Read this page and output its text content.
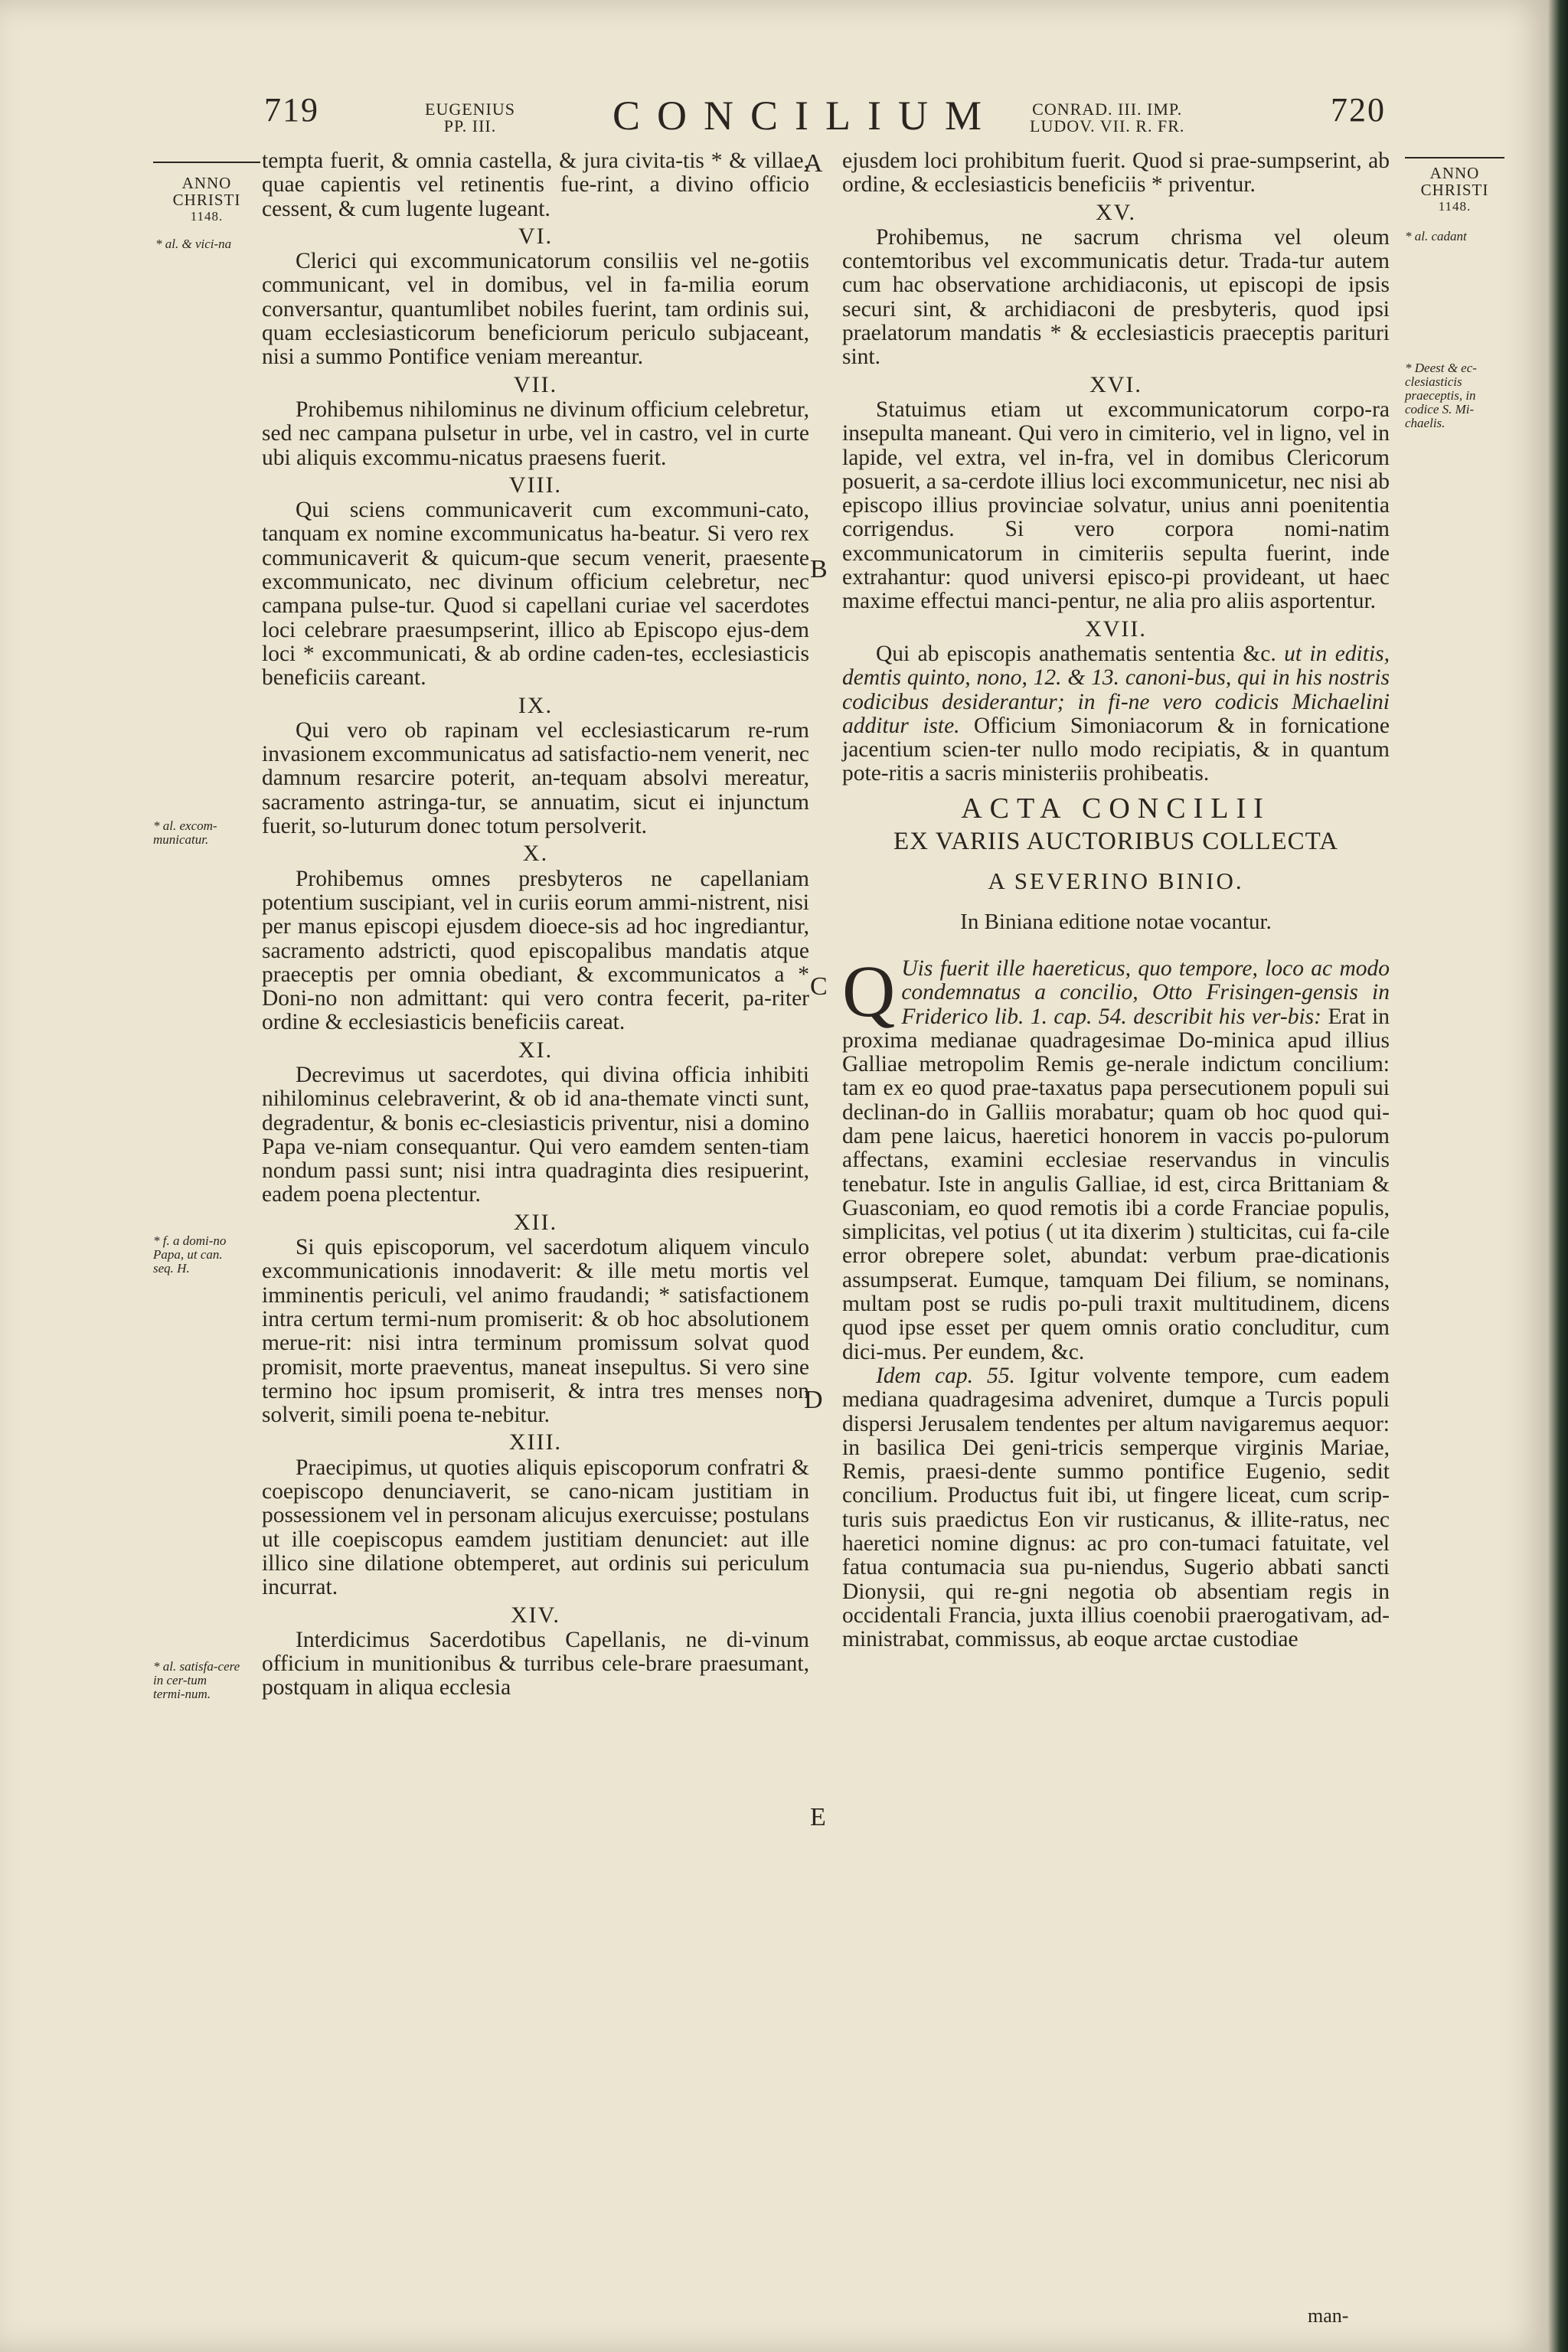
719	EUGENIUS
PP. III.	CONCILIUM CONRAD. III. IMP.
LUDOV. VII. R. FR.	720
ANNO
CHRISTI
1148.
ANNO
CHRISTI
1148.
* al. & vici-na
* al. excom-municatur.
* f. a domi-no Papa, ut can. seq. H.
* al. satisfa-cere in cer-tum termi-num.
* al. cadant
* Deest & ec-clesiasticis praeceptis, in codice S. Mi-chaelis.
A
B
C
D
E

tempta fuerit, & omnia castella, & jura civita-tis * & villae, quae capientis vel retinentis fue-rint, a divino officio cessent, & cum lugente lugeant.

VI.

Clerici qui excommunicatorum consiliis vel ne-gotiis communicant, vel in domibus, vel in fa-milia eorum conversantur, quantumlibet nobiles fuerint, tam ordinis sui, quam ecclesiasticorum beneficiorum periculo subjaceant, nisi a summo Pontifice veniam mereantur.

VII.

Prohibemus nihilominus ne divinum officium celebretur, sed nec campana pulsetur in urbe, vel in castro, vel in curte ubi aliquis excommu-nicatus praesens fuerit.

VIII.

Qui sciens communicaverit cum excommuni-cato, tanquam ex nomine excommunicatus ha-beatur. Si vero rex communicaverit & quicum-que secum venerit, praesente excommunicato, nec divinum officium celebretur, nec campana pulse-tur. Quod si capellani curiae vel sacerdotes loci celebrare praesumpserint, illico ab Episcopo ejus-dem loci * excommunicati, & ab ordine caden-tes, ecclesiasticis beneficiis careant.

IX.

Qui vero ob rapinam vel ecclesiasticarum re-rum invasionem excommunicatus ad satisfactio-nem venerit, nec damnum resarcire poterit, an-tequam absolvi mereatur, sacramento astringa-tur, se annuatim, sicut ei injunctum fuerit, so-luturum donec totum persolverit.

X.

Prohibemus omnes presbyteros ne capellaniam potentium suscipiant, vel in curiis eorum ammi-nistrent, nisi per manus episcopi ejusdem dioece-sis ad hoc ingrediantur, sacramento adstricti, quod episcopalibus mandatis atque praeceptis per omnia obediant, & excommunicatos a * Doni-no non admittant: qui vero contra fecerit, pa-riter ordine & ecclesiasticis beneficiis careat.

XI.

Decrevimus ut sacerdotes, qui divina officia inhibiti nihilominus celebraverint, & ob id ana-themate vincti sunt, degradentur, & bonis ec-clesiasticis priventur, nisi a domino Papa ve-niam consequantur. Qui vero eamdem senten-tiam nondum passi sunt; nisi intra quadraginta dies resipuerint, eadem poena plectentur.

XII.

Si quis episcoporum, vel sacerdotum aliquem vinculo excommunicationis innodaverit: & ille metu mortis vel imminentis periculi, vel animo fraudandi; * satisfactionem intra certum termi-num promiserit: & ob hoc absolutionem merue-rit: nisi intra terminum promissum solvat quod promisit, morte praeventus, maneat insepultus. Si vero sine termino hoc ipsum promiserit, & intra tres menses non solverit, simili poena te-nebitur.

XIII.

Praecipimus, ut quoties aliquis episcoporum confratri & coepiscopo denunciaverit, se cano-nicam justitiam in possessionem vel in personam alicujus exercuisse; postulans ut ille coepiscopus eamdem justitiam denunciet: aut ille illico sine dilatione obtemperet, aut ordinis sui periculum incurrat.

XIV.

Interdicimus Sacerdotibus Capellanis, ne di-vinum officium in munitionibus & turribus cele-brare praesumant, postquam in aliqua ecclesia

ejusdem loci prohibitum fuerit. Quod si prae-sumpserint, ab ordine, & ecclesiasticis beneficiis * priventur.

XV.

Prohibemus, ne sacrum chrisma vel oleum contemtoribus vel excommunicatis detur. Trada-tur autem cum hac observatione archidiaconis, ut episcopi de ipsis securi sint, & archidiaconi de presbyteris, quod ipsi praelatorum mandatis * & ecclesiasticis praeceptis parituri sint.

XVI.

Statuimus etiam ut excommunicatorum corpo-ra insepulta maneant. Qui vero in cimiterio, vel in ligno, vel in lapide, vel extra, vel in-fra, vel in domibus Clericorum posuerit, a sa-cerdote illius loci excommunicetur, nec nisi ab episcopo illius provinciae solvatur, unius anni poenitentia corrigendus. Si vero corpora nomi-natim excommunicatorum in cimiteriis sepulta fuerint, inde extrahantur: quod universi episco-pi provideant, ut haec maxime effectui manci-pentur, ne alia pro aliis asportentur.

XVII.

Qui ab episcopis anathematis sententia &c. ut in editis, demtis quinto, nono, 12. & 13. canoni-bus, qui in his nostris codicibus desiderantur; in fi-ne vero codicis Michaelini additur iste. Officium Simoniacorum & in fornicatione jacentium scien-ter nullo modo recipiatis, & in quantum pote-ritis a sacris ministeriis prohibeatis.

ACTA CONCILII
EX VARIIS AUCTORIBUS COLLECTA
A SEVERINO BINIO.
In Biniana editione notae vocantur.

Q Uis fuerit ille haereticus, quo tempore, loco ac modo condemnatus a concilio, Otto Frisingen-gensis in Friderico lib. 1. cap. 54. describit his ver-bis: Erat in proxima medianae quadragesimae Do-minica apud illius Galliae metropolim Remis ge-nerale indictum concilium: tam ex eo quod prae-taxatus papa persecutionem populi sui declinan-do in Galliis morabatur; quam ob hoc quod qui-dam pene laicus, haeretici honorem in vaccis po-pulorum affectans, examini ecclesiae reservandus in vinculis tenebatur. Iste in angulis Galliae, id est, circa Brittaniam & Guasconiam, eo quod remotis ibi a corde Franciae populis, simplicitas, vel potius ( ut ita dixerim ) stulticitas, cui fa-cile error obrepere solet, abundat: verbum prae-dicationis assumpserat. Eumque, tamquam Dei filium, se nominans, multam post se rudis po-puli traxit multitudinem, dicens quod ipse esset per quem omnis oratio concluditur, cum dici-mus. Per eundem, &c.

Idem cap. 55. Igitur volvente tempore, cum eadem mediana quadragesima adveniret, dumque a Turcis populi dispersi Jerusalem tendentes per altum navigaremus aequor: in basilica Dei geni-tricis semperque virginis Mariae, Remis, praesi-dente summo pontifice Eugenio, sedit concilium. Productus fuit ibi, ut fingere liceat, cum scrip-turis suis praedictus Eon vir rusticanus, & illite-ratus, nec haeretici nomine dignus: ac pro con-tumaci fatuitate, vel fatua contumacia sua pu-niendus, Sugerio abbati sancti Dionysii, qui re-gni negotia ob absentiam regis in occidentali Francia, juxta illius coenobii praerogativam, ad-ministrabat, commissus, ab eoque arctae custodiae

man-
